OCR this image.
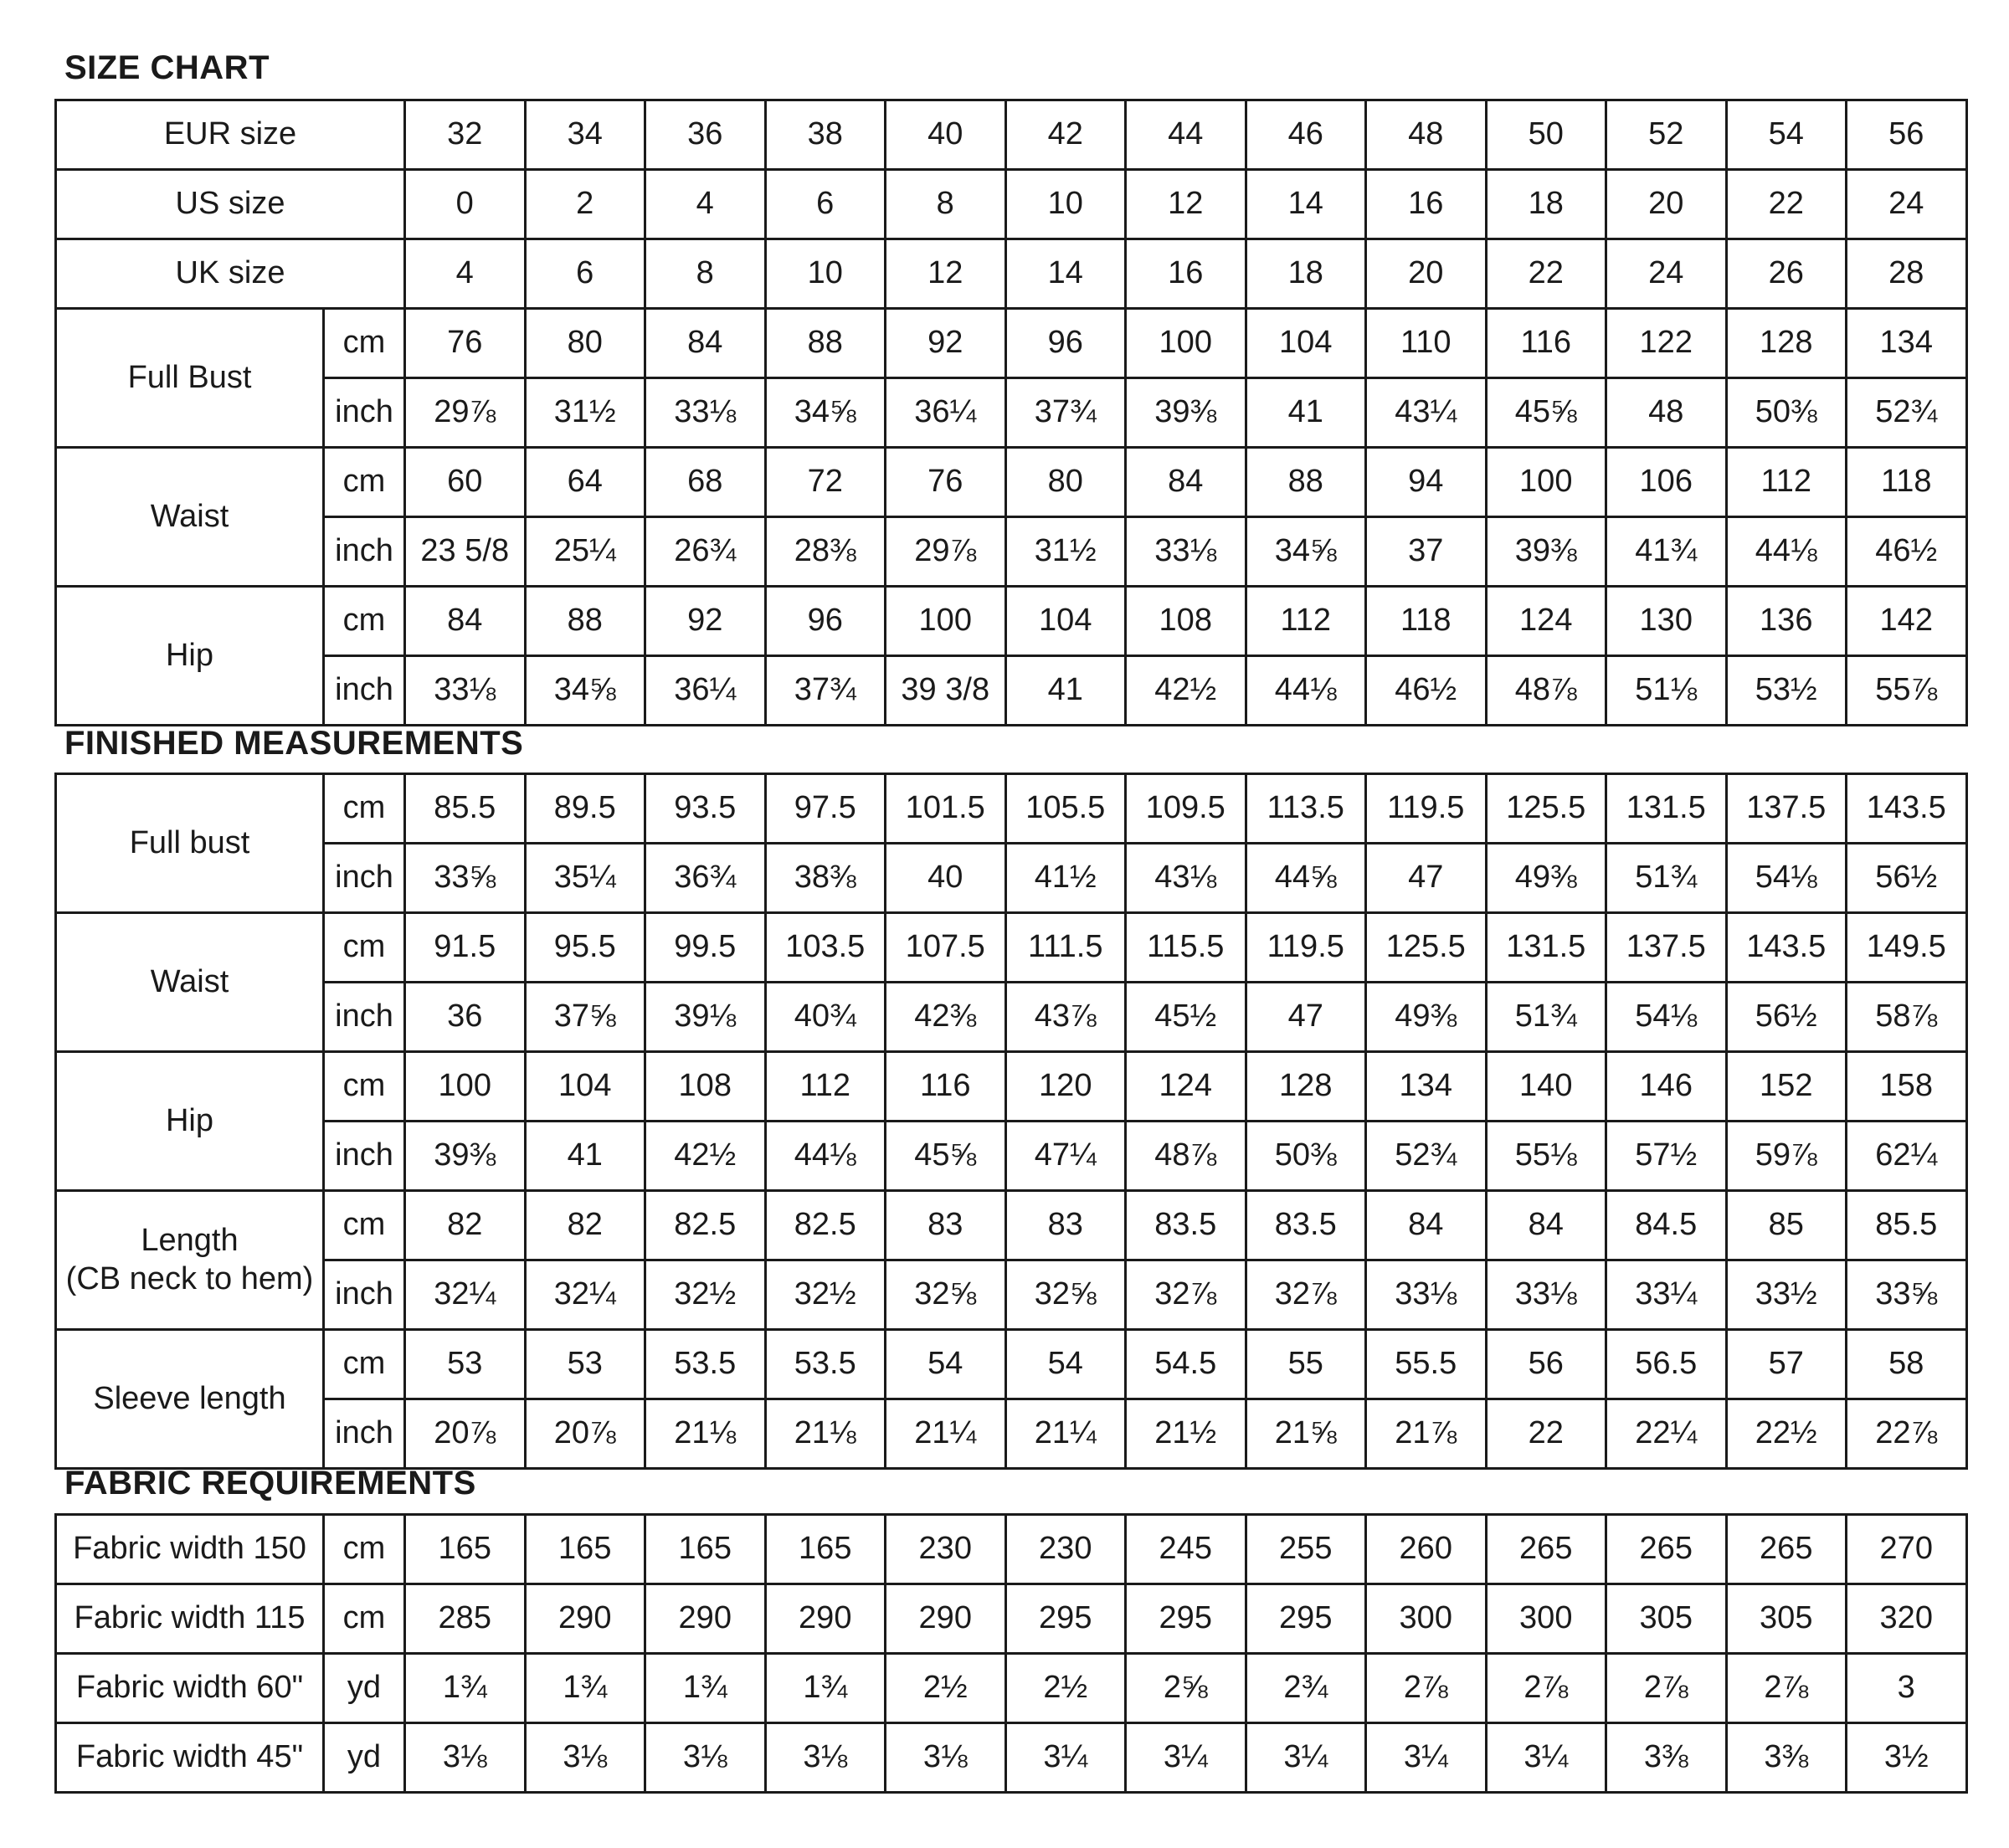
SIZE CHART
EUR size		32	34	36	38	40	42	44	46	48	50	52	54	56
US size		0	2	4	6	8	10	12	14	16	18	20	22	24
UK size		4	6	8	10	12	14	16	18	20	22	24	26	28
Full Bust	cm	76	80	84	88	92	96	100	104	110	116	122	128	134
	inch	29⅞	31½	33⅛	34⅝	36¼	37¾	39⅜	41	43¼	45⅝	48	50⅜	52¾
Waist	cm	60	64	68	72	76	80	84	88	94	100	106	112	118
	inch	23 5/8	25¼	26¾	28⅜	29⅞	31½	33⅛	34⅝	37	39⅜	41¾	44⅛	46½
Hip	cm	84	88	92	96	100	104	108	112	118	124	130	136	142
	inch	33⅛	34⅝	36¼	37¾	39 3/8	41	42½	44⅛	46½	48⅞	51⅛	53½	55⅞
FINISHED MEASUREMENTS
Full bust	cm	85.5	89.5	93.5	97.5	101.5	105.5	109.5	113.5	119.5	125.5	131.5	137.5	143.5
	inch	33⅝	35¼	36¾	38⅜	40	41½	43⅛	44⅝	47	49⅜	51¾	54⅛	56½
Waist	cm	91.5	95.5	99.5	103.5	107.5	111.5	115.5	119.5	125.5	131.5	137.5	143.5	149.5
	inch	36	37⅝	39⅛	40¾	42⅜	43⅞	45½	47	49⅜	51¾	54⅛	56½	58⅞
Hip	cm	100	104	108	112	116	120	124	128	134	140	146	152	158
	inch	39⅜	41	42½	44⅛	45⅝	47¼	48⅞	50⅜	52¾	55⅛	57½	59⅞	62¼
Length
(CB neck to hem)	cm	82	82	82.5	82.5	83	83	83.5	83.5	84	84	84.5	85	85.5
	inch	32¼	32¼	32½	32½	32⅝	32⅝	32⅞	32⅞	33⅛	33⅛	33¼	33½	33⅝
Sleeve length	cm	53	53	53.5	53.5	54	54	54.5	55	55.5	56	56.5	57	58
	inch	20⅞	20⅞	21⅛	21⅛	21¼	21¼	21½	21⅝	21⅞	22	22¼	22½	22⅞
FABRIC REQUIREMENTS
Fabric width 150	cm	165	165	165	165	230	230	245	255	260	265	265	265	270
Fabric width 115	cm	285	290	290	290	290	295	295	295	300	300	305	305	320
Fabric width 60"	yd	1¾	1¾	1¾	1¾	2½	2½	2⅝	2¾	2⅞	2⅞	2⅞	2⅞	3
Fabric width 45"	yd	3⅛	3⅛	3⅛	3⅛	3⅛	3¼	3¼	3¼	3¼	3¼	3⅜	3⅜	3½
